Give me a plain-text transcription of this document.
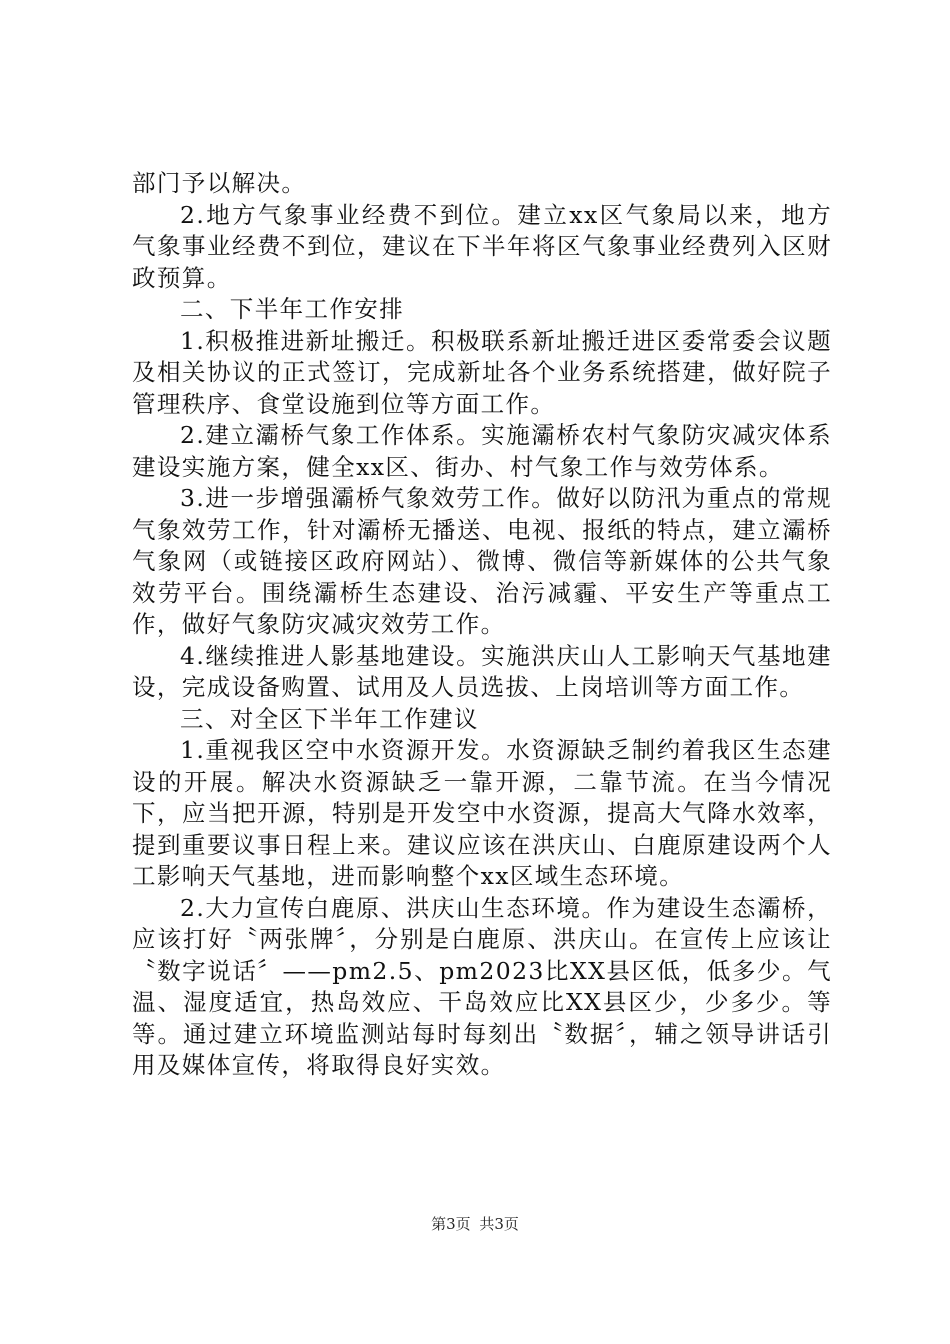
部门予以解决。

2.地方气象事业经费不到位。建立xx区气象局以来，地方气象事业经费不到位，建议在下半年将区气象事业经费列入区财政预算。

二、下半年工作安排

1.积极推进新址搬迁。积极联系新址搬迁进区委常委会议题及相关协议的正式签订，完成新址各个业务系统搭建，做好院子管理秩序、食堂设施到位等方面工作。

2.建立灞桥气象工作体系。实施灞桥农村气象防灾减灾体系建设实施方案，健全xx区、街办、村气象工作与效劳体系。

3.进一步增强灞桥气象效劳工作。做好以防汛为重点的常规气象效劳工作，针对灞桥无播送、电视、报纸的特点，建立灞桥气象网（或链接区政府网站）、微博、微信等新媒体的公共气象效劳平台。围绕灞桥生态建设、治污减霾、平安生产等重点工作，做好气象防灾减灾效劳工作。

4.继续推进人影基地建设。实施洪庆山人工影响天气基地建设，完成设备购置、试用及人员选拔、上岗培训等方面工作。

三、对全区下半年工作建议

1.重视我区空中水资源开发。水资源缺乏制约着我区生态建设的开展。解决水资源缺乏一靠开源，二靠节流。在当今情况下，应当把开源，特别是开发空中水资源，提高大气降水效率，提到重要议事日程上来。建议应该在洪庆山、白鹿原建设两个人工影响天气基地，进而影响整个xx区域生态环境。

2.大力宣传白鹿原、洪庆山生态环境。作为建设生态灞桥，应该打好〝两张牌〞，分别是白鹿原、洪庆山。在宣传上应该让〝数字说话〞——pm2.5、pm2023比XX县区低，低多少。气温、湿度适宜，热岛效应、干岛效应比XX县区少，少多少。等等。通过建立环境监测站每时每刻出〝数据〞，辅之领导讲话引用及媒体宣传，将取得良好实效。

第3页 共3页
